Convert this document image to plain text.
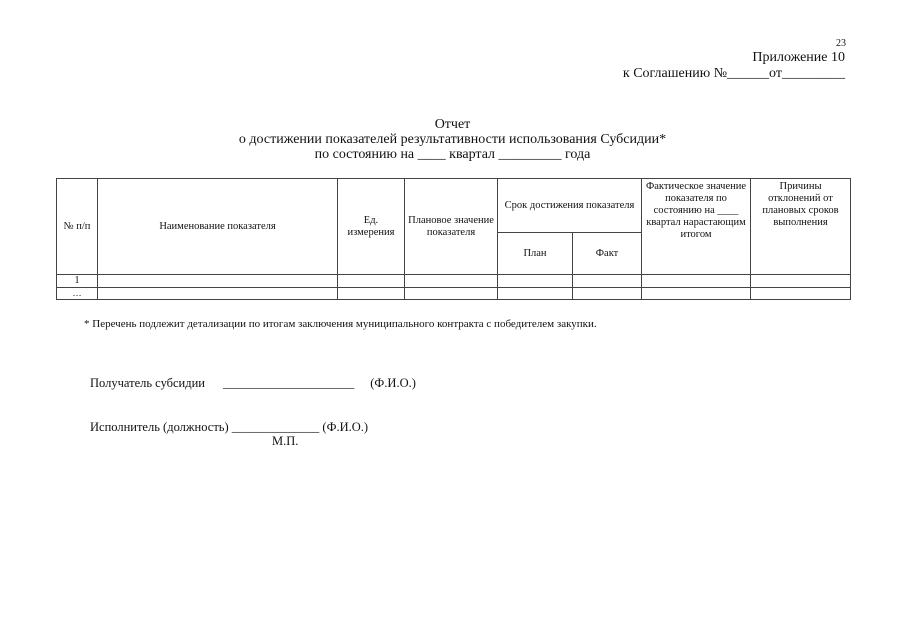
23
Приложение 10
к Соглашению №______от_________
Отчет
о достижении показателей результативности использования Субсидии*
по состоянию на ____ квартал _________ года
№ п/п	Наименование показателя	Ед. измерения	Плановое значение показателя	Срок достижения показателя		Фактическое значение показателя по состоянию на ____ квартал нарастающим итогом	Причины отклонений от плановых сроков выполнения
				План	Факт		
1							
…							
* Перечень подлежит детализации по итогам заключения муниципального контракта с победителем закупки.
Получатель субсидии _____________________ (Ф.И.О.)
Исполнитель (должность) ______________ (Ф.И.О.)
М.П.
